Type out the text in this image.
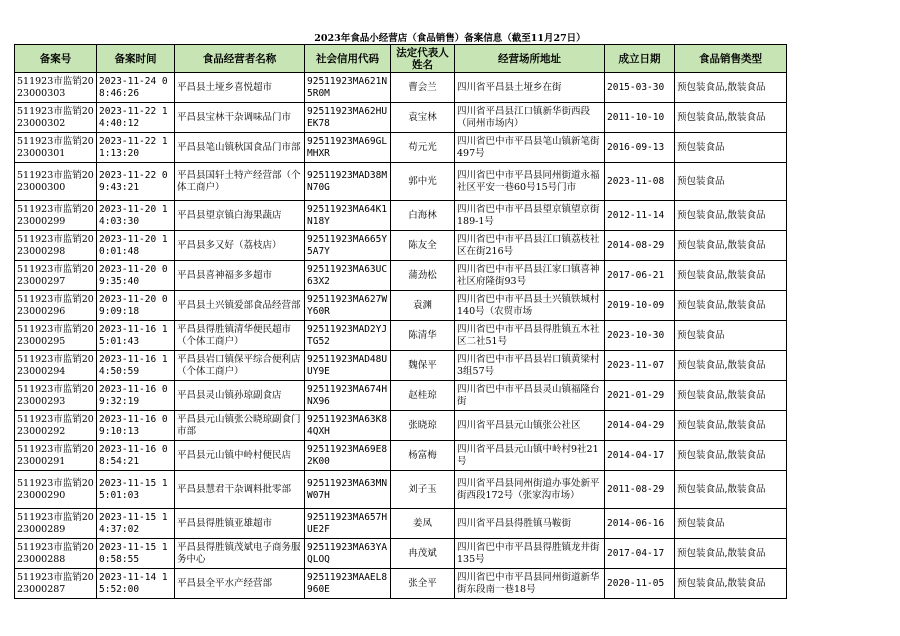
2023年食品小经营店（食品销售）备案信息（截至11月27日）
备案号	备案时间	食品经营者名称	社会信用代码	法定代表人姓名	经营场所地址	成立日期	食品销售类型
511923市监销2023000303	2023-11-24 08:46:26	平昌县土垭乡喜悦超市	92511923MA621N5R0M	曹会兰	四川省平昌县土垭乡在街	2015-03-30	预包装食品,散装食品
511923市监销2023000302	2023-11-22 14:40:12	平昌县宝林干杂调味品门市	92511923MA62HUEK78	袁宝林	四川省平昌县江口镇新华街西段（同州市场内）	2011-10-10	预包装食品,散装食品
511923市监销2023000301	2023-11-22 11:13:20	平昌县笔山镇秋国食品门市部	92511923MA69GLMHXR	苟元光	四川省巴中市平昌县笔山镇新笔街497号	2016-09-13	预包装食品
511923市监销2023000300	2023-11-22 09:43:21	平昌县国轩土特产经营部（个体工商户）	92511923MAD38MN70G	郭中光	四川省巴中市平昌县同州街道永福社区平安一巷60号15号门市	2023-11-08	预包装食品
511923市监销2023000299	2023-11-20 14:03:30	平昌县望京镇白海果蔬店	92511923MA64K1N18Y	白海林	四川省巴中市平昌县望京镇望京街189-1号	2012-11-14	预包装食品,散装食品
511923市监销2023000298	2023-11-20 10:01:48	平昌县多又好（荔枝店）	92511923MA665Y5A7Y	陈友全	四川省巴中市平昌县江口镇荔枝社区在街216号	2014-08-29	预包装食品,散装食品
511923市监销2023000297	2023-11-20 09:35:40	平昌县喜神福多多超市	92511923MA63UC63X2	蒲劲松	四川省巴中市平昌县江家口镇喜神社区府隆街93号	2017-06-21	预包装食品,散装食品
511923市监销2023000296	2023-11-20 09:09:18	平昌县土兴镇爱部食品经营部	92511923MA627WY60R	袁渊	四川省巴中市平昌县土兴镇铁城村140号（农贸市场	2019-10-09	预包装食品,散装食品
511923市监销2023000295	2023-11-16 15:01:43	平昌县得胜镇清华便民超市（个体工商户）	92511923MAD2YJTG52	陈清华	四川省巴中市平昌县得胜镇五木社区二社51号	2023-10-30	预包装食品
511923市监销2023000294	2023-11-16 14:50:59	平昌县岩口镇保平综合便利店（个体工商户）	92511923MAD48UUY9E	魏保平	四川省巴中市平昌县岩口镇黄梁村3组57号	2023-11-07	预包装食品,散装食品
511923市监销2023000293	2023-11-16 09:32:19	平昌县灵山镇孙琼副食店	92511923MA674HNX96	赵桂琼	四川省巴中市平昌县灵山镇福隆台街	2021-01-29	预包装食品,散装食品
511923市监销2023000292	2023-11-16 09:10:13	平昌县元山镇张公晓琼副食门市部	92511923MA63K84QXH	张晓琼	四川省平昌县元山镇张公社区	2014-04-29	预包装食品,散装食品
511923市监销2023000291	2023-11-16 08:54:21	平昌县元山镇中岭村便民店	92511923MA69E82K00	杨富梅	四川省平昌县元山镇中岭村9社21号	2014-04-17	预包装食品,散装食品
511923市监销2023000290	2023-11-15 15:01:03	平昌县慧君干杂调料批零部	92511923MA63MNW07H	刘子玉	四川省平昌县同州街道办事处新平街西段172号（张家沟市场）	2011-08-29	预包装食品,散装食品
511923市监销2023000289	2023-11-15 14:37:02	平昌县得胜镇亚雄超市	92511923MA657HUE2F	姜凤	四川省平昌县得胜镇马鞍街	2014-06-16	预包装食品
511923市监销2023000288	2023-11-15 10:58:55	平昌县得胜镇茂斌电子商务服务中心	92511923MA63YAQLOQ	冉茂斌	四川省巴中市平昌县得胜镇龙井街135号	2017-04-17	预包装食品,散装食品
511923市监销2023000287	2023-11-14 15:52:00	平昌县全平水产经营部	92511923MAAEL8960E	张全平	四川省巴中市平昌县同州街道新华街东段南一巷18号	2020-11-05	预包装食品,散装食品
